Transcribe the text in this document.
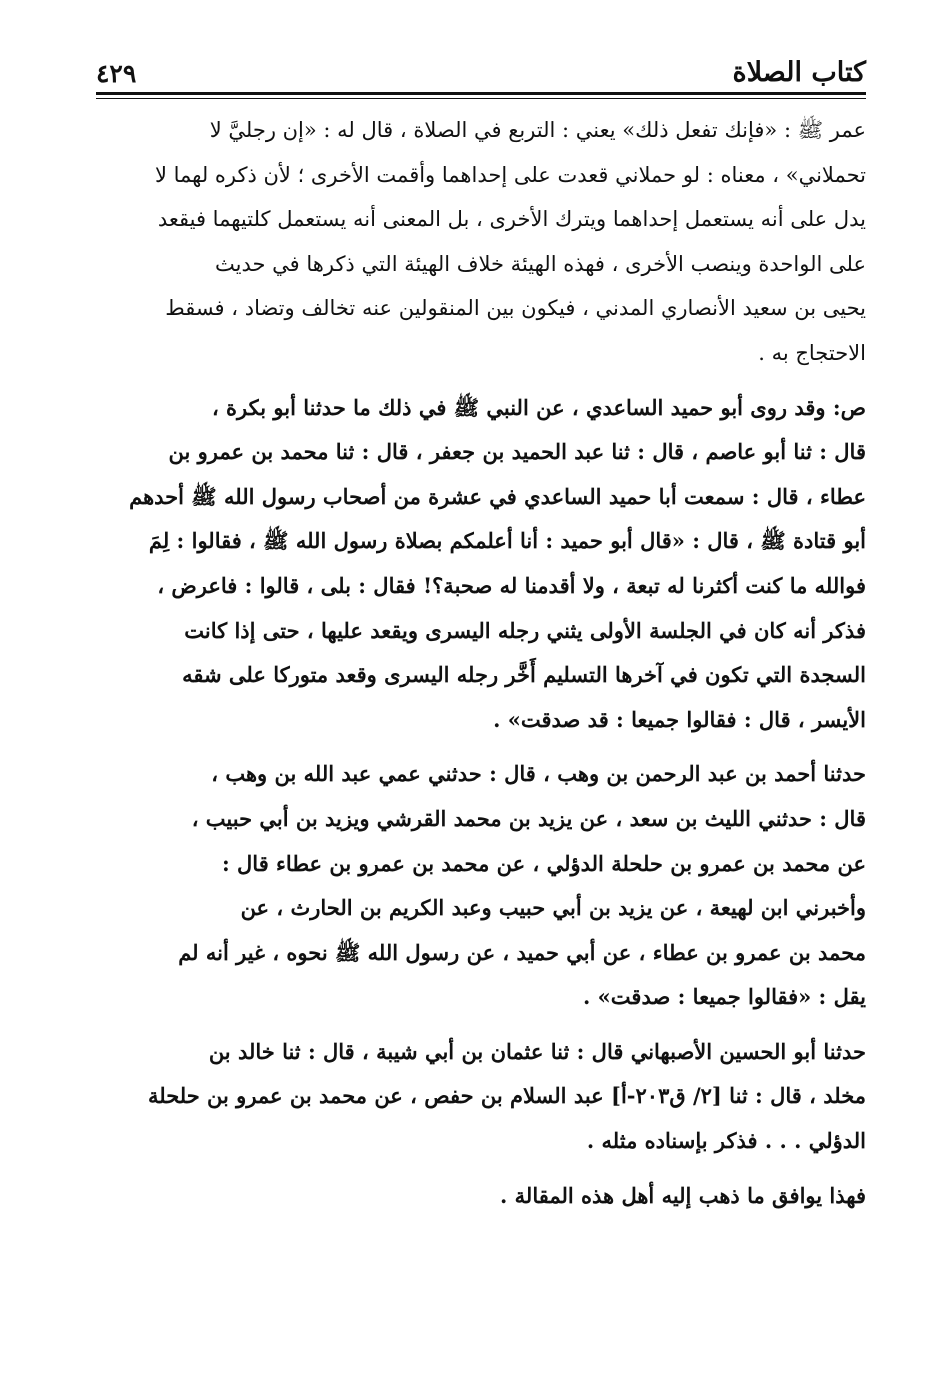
كتاب الصلاة
٤٢٩
عمر ﷺ : «فإنك تفعل ذلك» يعني : التربع في الصلاة ، قال له : «إن رجليَّ لا
تحملاني» ، معناه : لو حملاني قعدت على إحداهما وأقمت الأخرى ؛ لأن ذكره لهما لا
يدل على أنه يستعمل إحداهما ويترك الأخرى ، بل المعنى أنه يستعمل كلتيهما فيقعد
على الواحدة وينصب الأخرى ، فهذه الهيئة خلاف الهيئة التي ذكرها في حديث
يحيى بن سعيد الأنصاري المدني ، فيكون بين المنقولين عنه تخالف وتضاد ، فسقط
الاحتجاج به .
ص: وقد روى أبو حميد الساعدي ، عن النبي ﷺ في ذلك ما حدثنا أبو بكرة ،
قال : ثنا أبو عاصم ، قال : ثنا عبد الحميد بن جعفر ، قال : ثنا محمد بن عمرو بن
عطاء ، قال : سمعت أبا حميد الساعدي في عشرة من أصحاب رسول الله ﷺ أحدهم
أبو قتادة ﷺ ، قال : «قال أبو حميد : أنا أعلمكم بصلاة رسول الله ﷺ ، فقالوا : لِمَ
فوالله ما كنت أكثرنا له تبعة ، ولا أقدمنا له صحبة؟! فقال : بلى ، قالوا : فاعرض ،
فذكر أنه كان في الجلسة الأولى يثني رجله اليسرى ويقعد عليها ، حتى إذا كانت
السجدة التي تكون في آخرها التسليم أَخَّر رجله اليسرى وقعد متوركا على شقه
الأيسر ، قال : فقالوا جميعا : قد صدقت» .
حدثنا أحمد بن عبد الرحمن بن وهب ، قال : حدثني عمي عبد الله بن وهب ،
قال : حدثني الليث بن سعد ، عن يزيد بن محمد القرشي ويزيد بن أبي حبيب ،
عن محمد بن عمرو بن حلحلة الدؤلي ، عن محمد بن عمرو بن عطاء قال :
وأخبرني ابن لهيعة ، عن يزيد بن أبي حبيب وعبد الكريم بن الحارث ، عن
محمد بن عمرو بن عطاء ، عن أبي حميد ، عن رسول الله ﷺ نحوه ، غير أنه لم
يقل : «فقالوا جميعا : صدقت» .
حدثنا أبو الحسين الأصبهاني قال : ثنا عثمان بن أبي شيبة ، قال : ثنا خالد بن
مخلد ، قال : ثنا [٢/ ق٢٠٣-أ] عبد السلام بن حفص ، عن محمد بن عمرو بن حلحلة
الدؤلي . . . فذكر بإسناده مثله .
فهذا يوافق ما ذهب إليه أهل هذه المقالة .
